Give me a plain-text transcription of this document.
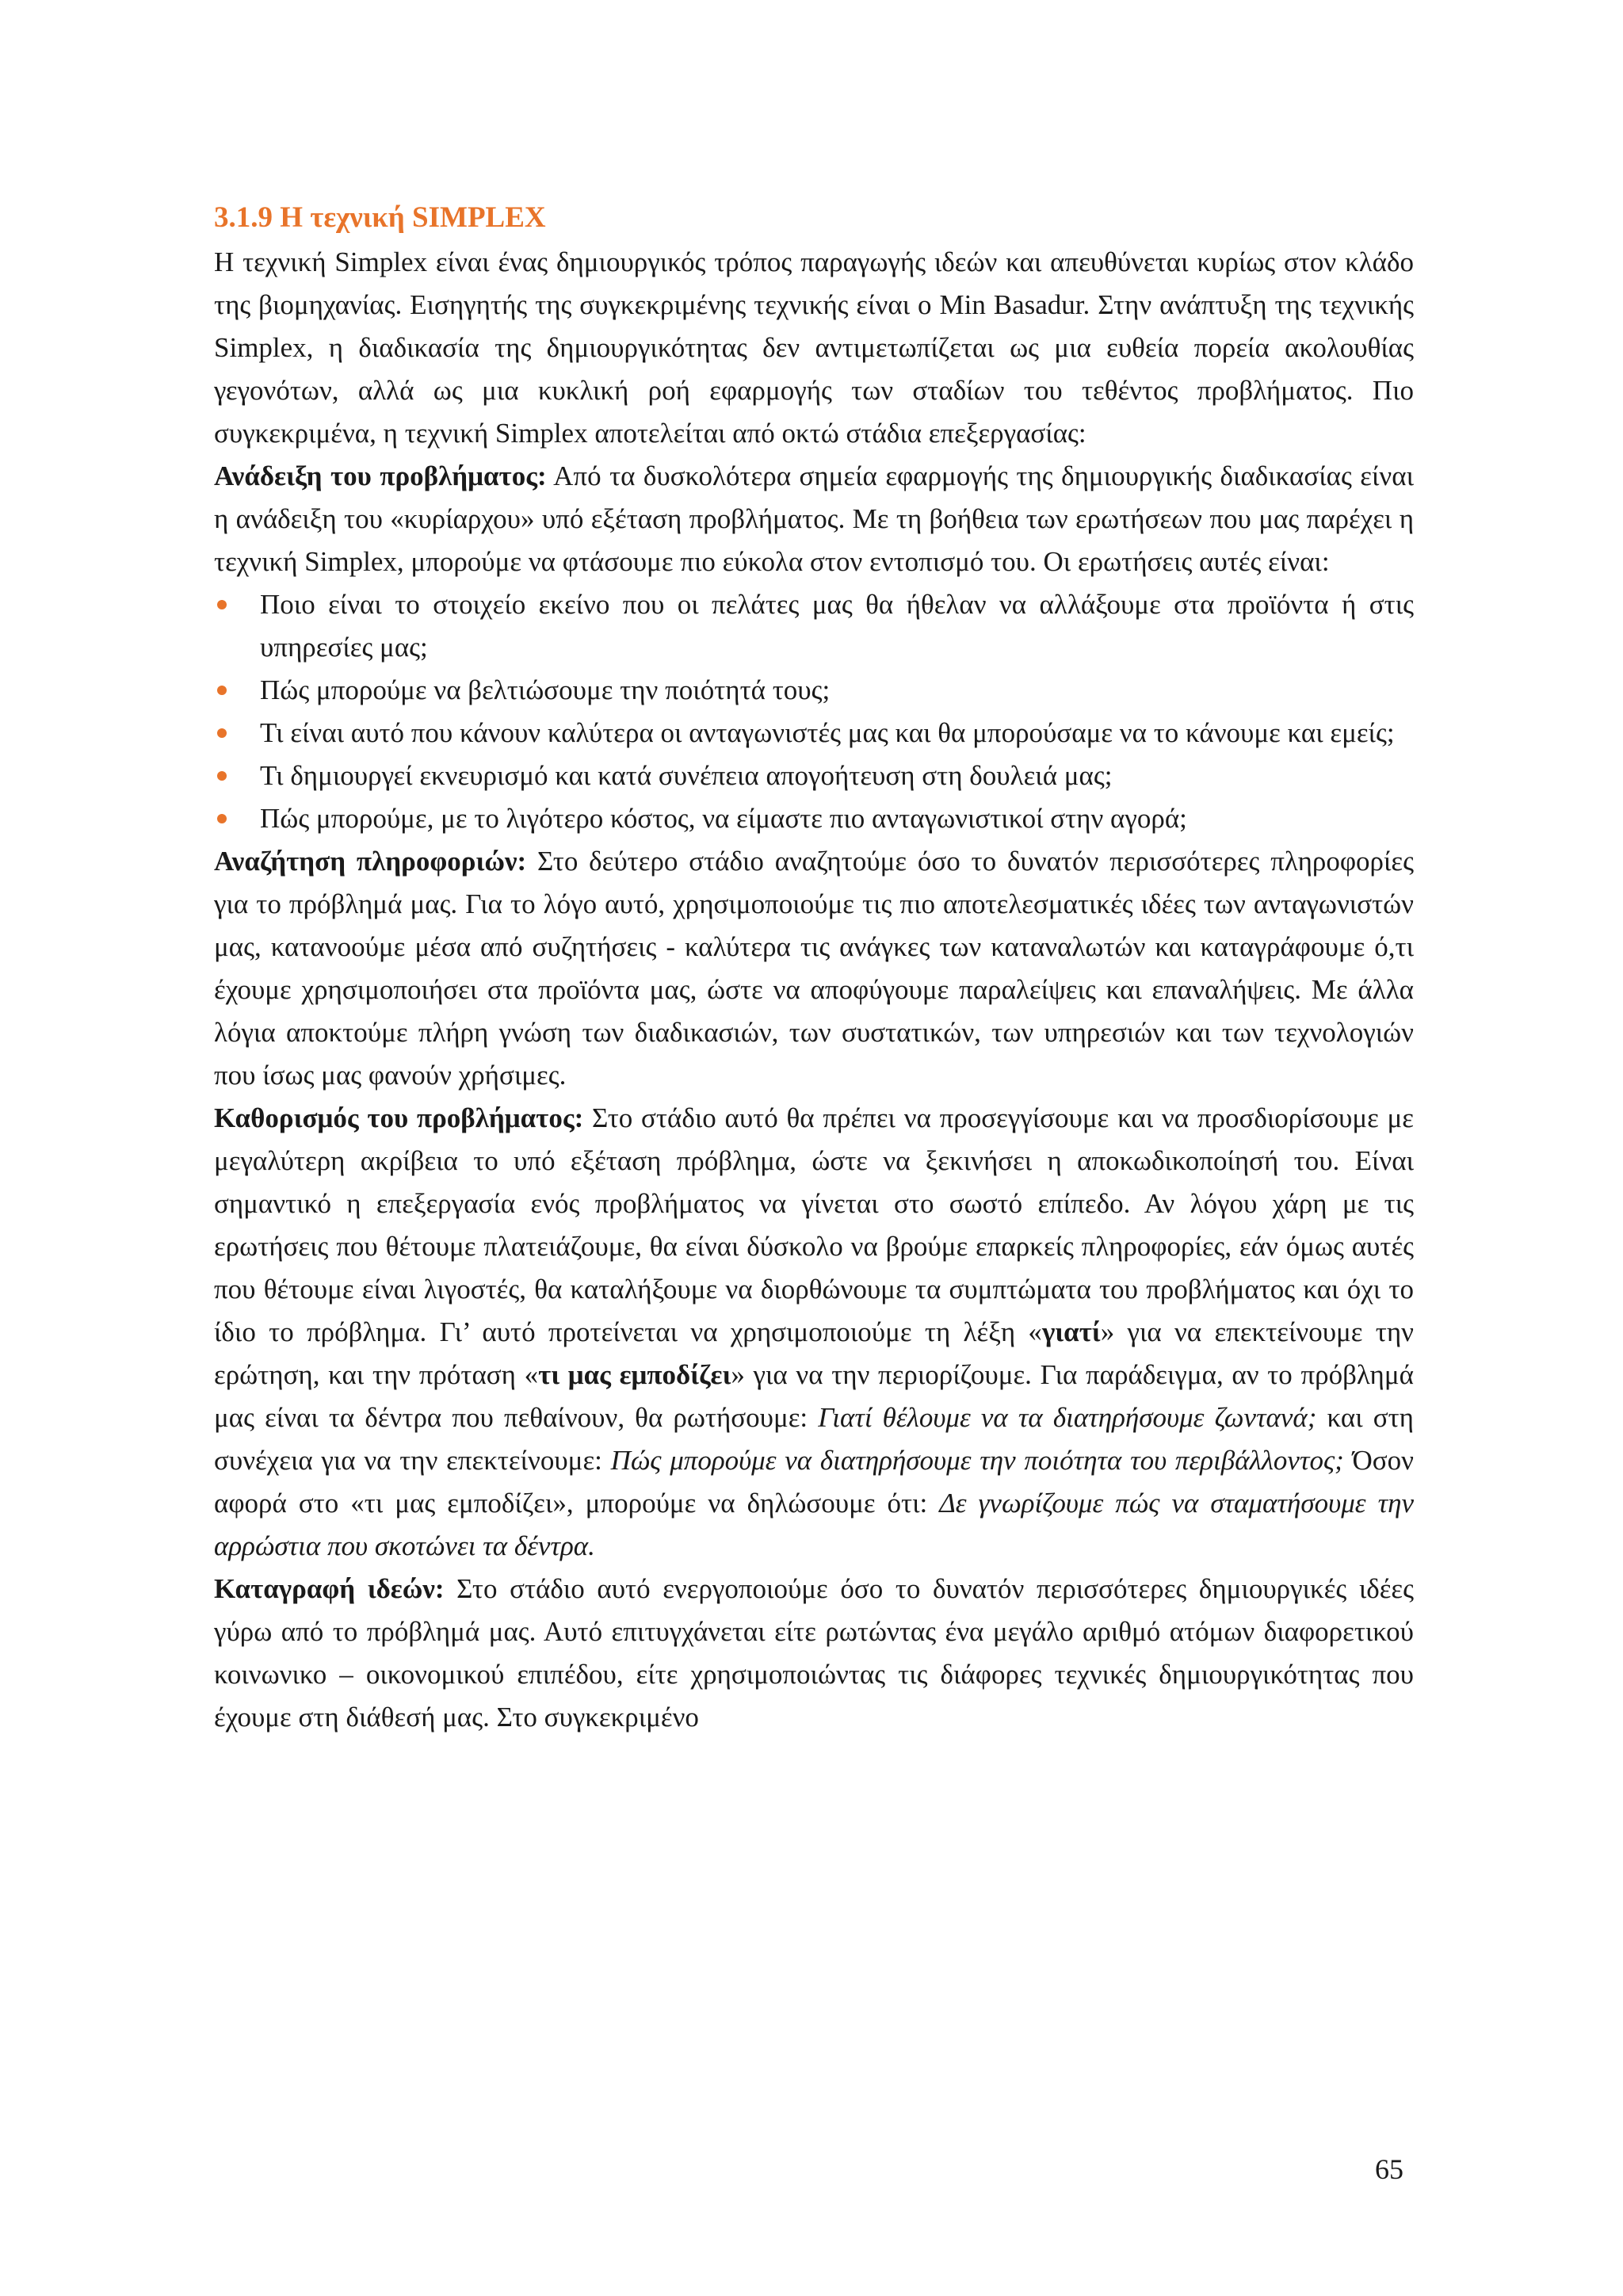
3.1.9 Η τεχνική SIMPLEX

Η τεχνική Simplex είναι ένας δημιουργικός τρόπος παραγωγής ιδεών και απευθύνεται κυρίως στον κλάδο της βιομηχανίας. Εισηγητής της συγκεκριμένης τεχνικής είναι ο Min Basadur. Στην ανάπτυξη της τεχνικής Simplex, η διαδικασία της δημιουργικότητας δεν αντιμετωπίζεται ως μια ευθεία πορεία ακολουθίας γεγονότων, αλλά ως μια κυκλική ροή εφαρμογής των σταδίων του τεθέντος προβλήματος. Πιο συγκεκριμένα, η τεχνική Simplex αποτελείται από οκτώ στάδια επεξεργασίας:

Ανάδειξη του προβλήματος: Από τα δυσκολότερα σημεία εφαρμογής της δημιουργικής διαδικασίας είναι η ανάδειξη του «κυρίαρχου» υπό εξέταση προβλήματος. Με τη βοήθεια των ερωτήσεων που μας παρέχει η τεχνική Simplex, μπορούμε να φτάσουμε πιο εύκολα στον εντοπισμό του. Οι ερωτήσεις αυτές είναι:

Ποιο είναι το στοιχείο εκείνο που οι πελάτες μας θα ήθελαν να αλλάξουμε στα προϊόντα ή στις υπηρεσίες μας;
Πώς μπορούμε να βελτιώσουμε την ποιότητά τους;
Τι είναι αυτό που κάνουν καλύτερα οι ανταγωνιστές μας και θα μπορούσαμε να το κάνουμε και εμείς;
Τι δημιουργεί εκνευρισμό και κατά συνέπεια απογοήτευση στη δουλειά μας;
Πώς μπορούμε, με το λιγότερο κόστος, να είμαστε πιο ανταγωνιστικοί στην αγορά;

Αναζήτηση πληροφοριών: Στο δεύτερο στάδιο αναζητούμε όσο το δυνατόν περισσότερες πληροφορίες για το πρόβλημά μας. Για το λόγο αυτό, χρησιμοποιούμε τις πιο αποτελεσματικές ιδέες των ανταγωνιστών μας, κατανοούμε μέσα από συζητήσεις - καλύτερα τις ανάγκες των καταναλωτών και καταγράφουμε ό,τι έχουμε χρησιμοποιήσει στα προϊόντα μας, ώστε να αποφύγουμε παραλείψεις και επαναλήψεις. Με άλλα λόγια αποκτούμε πλήρη γνώση των διαδικασιών, των συστατικών, των υπηρεσιών και των τεχνολογιών που ίσως μας φανούν χρήσιμες.

Καθορισμός του προβλήματος: Στο στάδιο αυτό θα πρέπει να προσεγγίσουμε και να προσδιορίσουμε με μεγαλύτερη ακρίβεια το υπό εξέταση πρόβλημα, ώστε να ξεκινήσει η αποκωδικοποίησή του. Είναι σημαντικό η επεξεργασία ενός προβλήματος να γίνεται στο σωστό επίπεδο. Αν λόγου χάρη με τις ερωτήσεις που θέτουμε πλατειάζουμε, θα είναι δύσκολο να βρούμε επαρκείς πληροφορίες, εάν όμως αυτές που θέτουμε είναι λιγοστές, θα καταλήξουμε να διορθώνουμε τα συμπτώματα του προβλήματος και όχι το ίδιο το πρόβλημα. Γι’ αυτό προτείνεται να χρησιμοποιούμε τη λέξη «γιατί» για να επεκτείνουμε την ερώτηση, και την πρόταση «τι μας εμποδίζει» για να την περιορίζουμε. Για παράδειγμα, αν το πρόβλημά μας είναι τα δέντρα που πεθαίνουν, θα ρωτήσουμε: Γιατί θέλουμε να τα διατηρήσουμε ζωντανά; και στη συνέχεια για να την επεκτείνουμε: Πώς μπορούμε να διατηρήσουμε την ποιότητα του περιβάλλοντος; Όσον αφορά στο «τι μας εμποδίζει», μπορούμε να δηλώσουμε ότι: Δε γνωρίζουμε πώς να σταματήσουμε την αρρώστια που σκοτώνει τα δέντρα.

Καταγραφή ιδεών: Στο στάδιο αυτό ενεργοποιούμε όσο το δυνατόν περισσότερες δημιουργικές ιδέες γύρω από το πρόβλημά μας. Αυτό επιτυγχάνεται είτε ρωτώντας ένα μεγάλο αριθμό ατόμων διαφορετικού κοινωνικο – οικονομικού επιπέδου, είτε χρησιμοποιώντας τις διάφορες τεχνικές δημιουργικότητας που έχουμε στη διάθεσή μας. Στο συγκεκριμένο

65
